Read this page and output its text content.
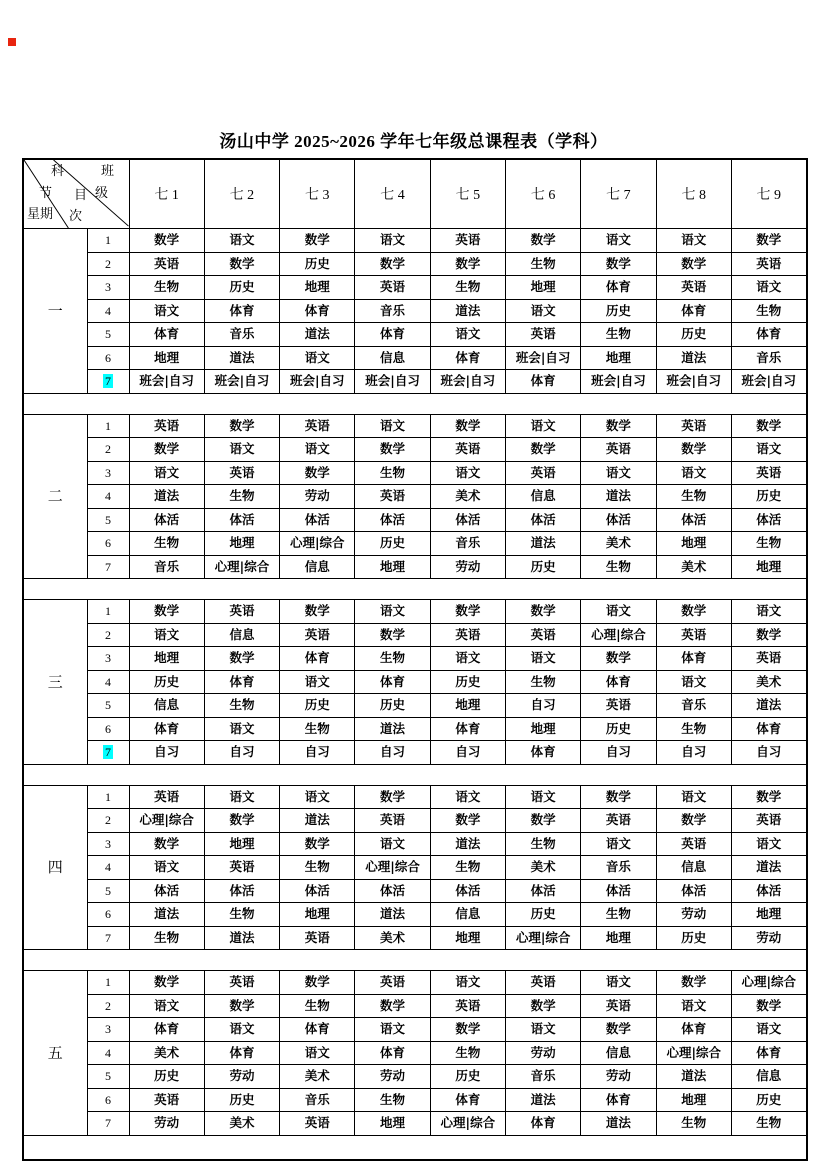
汤山中学 2025~2026 学年七年级总课程表（学科）
科	班
节 目 级
星期 次
	七 1	七 2	七 3	七 4	七 5	七 6	七 7	七 8	七 9
一	1	数学	语文	数学	语文	英语	数学	语文	语文	数学
	2	英语	数学	历史	数学	数学	生物	数学	数学	英语
	3	生物	历史	地理	英语	生物	地理	体育	英语	语文
	4	语文	体育	体育	音乐	道法	语文	历史	体育	生物
	5	体育	音乐	道法	体育	语文	英语	生物	历史	体育
	6	地理	道法	语文	信息	体育	班会|自习	地理	道法	音乐
	7	班会|自习	班会|自习	班会|自习	班会|自习	班会|自习	体育	班会|自习	班会|自习	班会|自习

二	1	英语	数学	英语	语文	数学	语文	数学	英语	数学
	2	数学	语文	语文	数学	英语	数学	英语	数学	语文
	3	语文	英语	数学	生物	语文	英语	语文	语文	英语
	4	道法	生物	劳动	英语	美术	信息	道法	生物	历史
	5	体活	体活	体活	体活	体活	体活	体活	体活	体活
	6	生物	地理	心理|综合	历史	音乐	道法	美术	地理	生物
	7	音乐	心理|综合	信息	地理	劳动	历史	生物	美术	地理

三	1	数学	英语	数学	语文	数学	数学	语文	数学	语文
	2	语文	信息	英语	数学	英语	英语	心理|综合	英语	数学
	3	地理	数学	体育	生物	语文	语文	数学	体育	英语
	4	历史	体育	语文	体育	历史	生物	体育	语文	美术
	5	信息	生物	历史	历史	地理	自习	英语	音乐	道法
	6	体育	语文	生物	道法	体育	地理	历史	生物	体育
	7	自习	自习	自习	自习	自习	体育	自习	自习	自习

四	1	英语	语文	语文	数学	语文	语文	数学	语文	数学
	2	心理|综合	数学	道法	英语	数学	数学	英语	数学	英语
	3	数学	地理	数学	语文	道法	生物	语文	英语	语文
	4	语文	英语	生物	心理|综合	生物	美术	音乐	信息	道法
	5	体活	体活	体活	体活	体活	体活	体活	体活	体活
	6	道法	生物	地理	道法	信息	历史	生物	劳动	地理
	7	生物	道法	英语	美术	地理	心理|综合	地理	历史	劳动

五	1	数学	英语	数学	英语	语文	英语	语文	数学	心理|综合
	2	语文	数学	生物	数学	英语	数学	英语	语文	数学
	3	体育	语文	体育	语文	数学	语文	数学	体育	语文
	4	美术	体育	语文	体育	生物	劳动	信息	心理|综合	体育
	5	历史	劳动	美术	劳动	历史	音乐	劳动	道法	信息
	6	英语	历史	音乐	生物	体育	道法	体育	地理	历史
	7	劳动	美术	英语	地理	心理|综合	体育	道法	生物	生物
